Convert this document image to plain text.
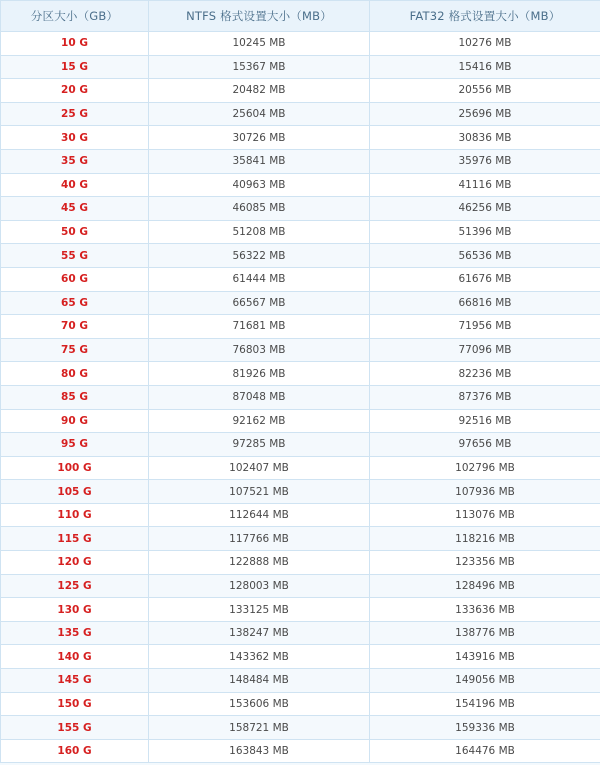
分区大小（GB）	NTFS 格式设置大小（MB）	FAT32 格式设置大小（MB）
10 G	10245 MB	10276 MB
15 G	15367 MB	15416 MB
20 G	20482 MB	20556 MB
25 G	25604 MB	25696 MB
30 G	30726 MB	30836 MB
35 G	35841 MB	35976 MB
40 G	40963 MB	41116 MB
45 G	46085 MB	46256 MB
50 G	51208 MB	51396 MB
55 G	56322 MB	56536 MB
60 G	61444 MB	61676 MB
65 G	66567 MB	66816 MB
70 G	71681 MB	71956 MB
75 G	76803 MB	77096 MB
80 G	81926 MB	82236 MB
85 G	87048 MB	87376 MB
90 G	92162 MB	92516 MB
95 G	97285 MB	97656 MB
100 G	102407 MB	102796 MB
105 G	107521 MB	107936 MB
110 G	112644 MB	113076 MB
115 G	117766 MB	118216 MB
120 G	122888 MB	123356 MB
125 G	128003 MB	128496 MB
130 G	133125 MB	133636 MB
135 G	138247 MB	138776 MB
140 G	143362 MB	143916 MB
145 G	148484 MB	149056 MB
150 G	153606 MB	154196 MB
155 G	158721 MB	159336 MB
160 G	163843 MB	164476 MB
